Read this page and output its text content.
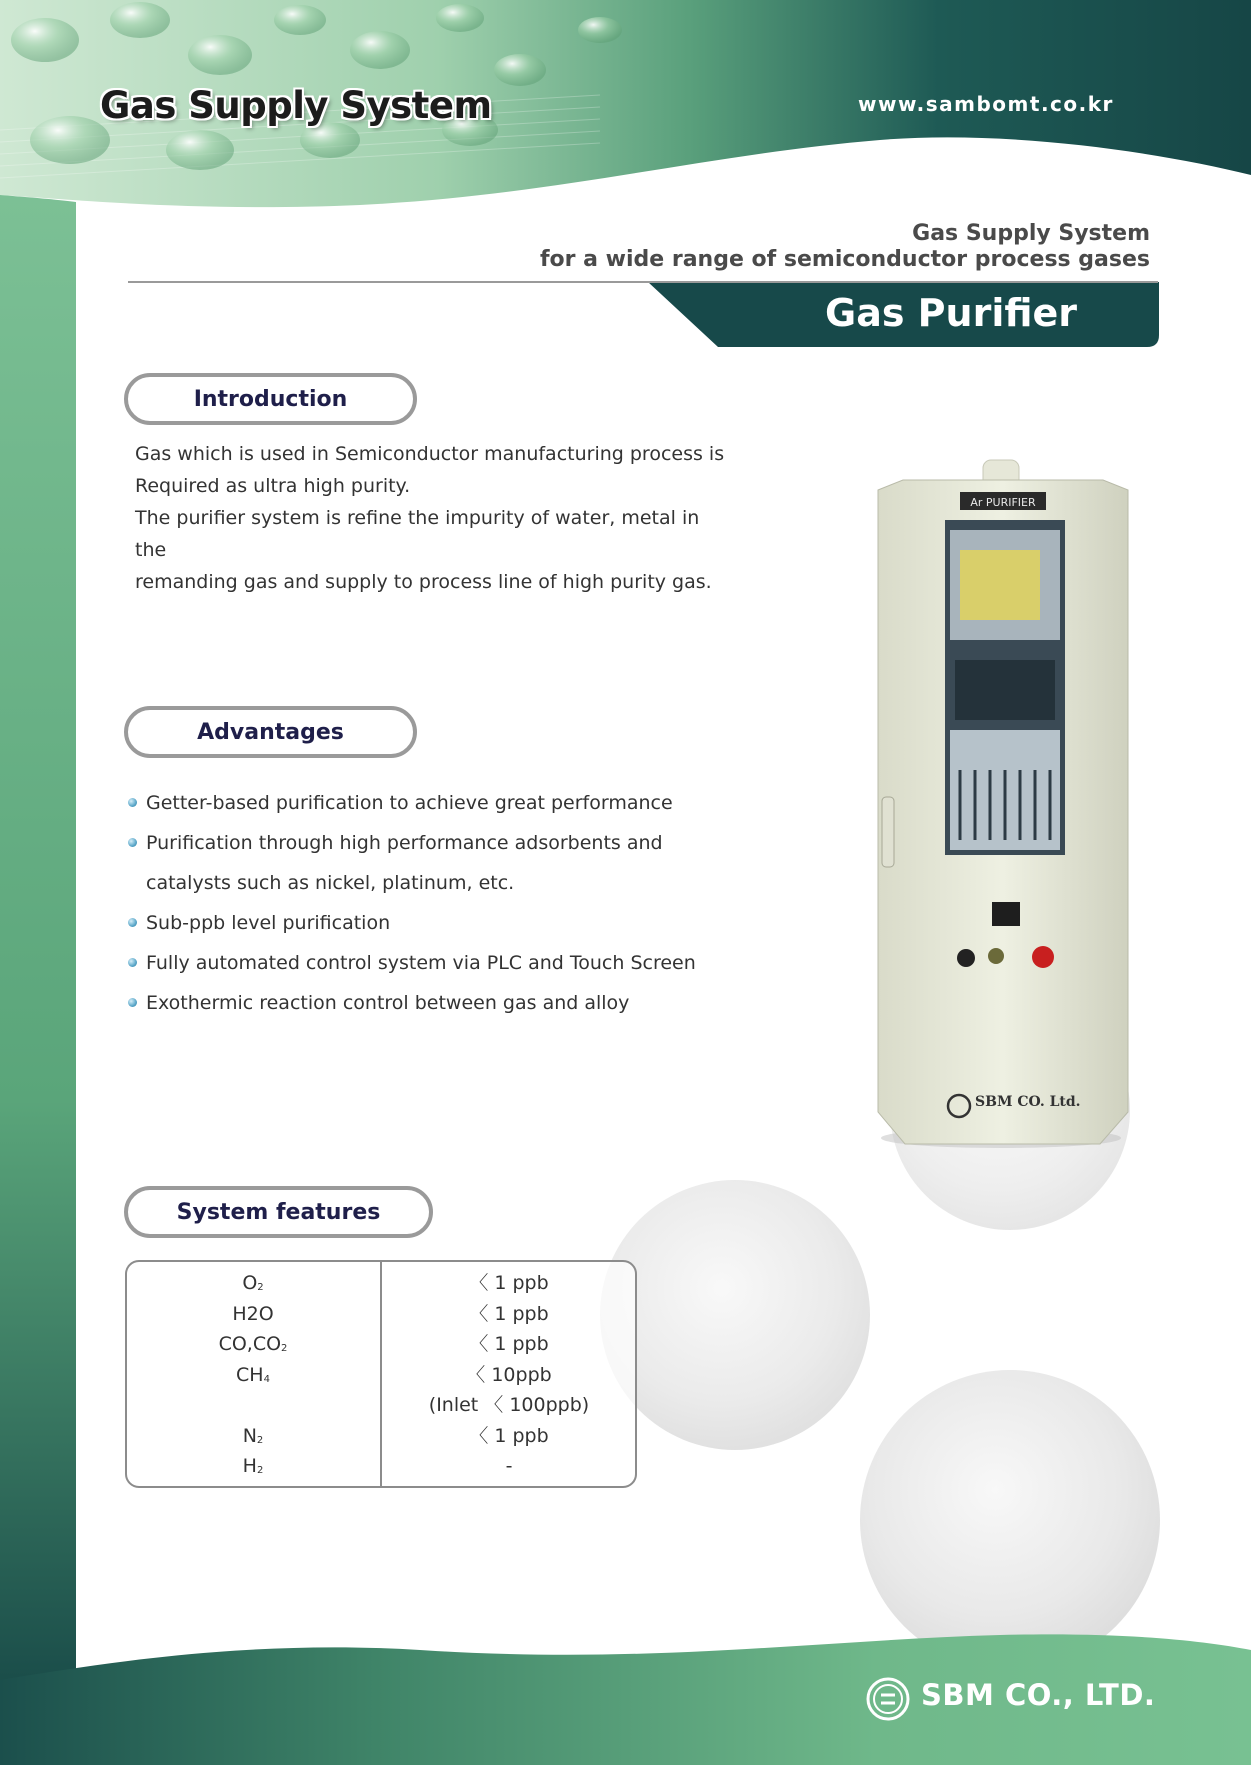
Ar PURIFIER
SBM CO. Ltd.
Gas Supply System	www.sambomt.co.kr
Gas Supply System
for a wide range of semiconductor process gases
Gas Purifier
Introduction

Gas which is used in Semiconductor manufacturing process is

Required as ultra high purity.

The purifier system is refine the impurity of water, metal in the

remanding gas and supply to process line of high purity gas.

Advantages
Getter-based purification to achieve great performance
Purification through high performance adsorbents and
catalysts such as nickel, platinum, etc.
Sub-ppb level purification
Fully automated control system via PLC and Touch Screen
Exothermic reaction control between gas and alloy
System features
$O_2$
H2O
$CO,CO_2$
$CH_4$
$N_2$
$H_2$
〈 1 ppb
〈 1 ppb
〈 1 ppb
〈 10ppb
(Inlet 〈 100ppb)
〈 1 ppb
-
SBM CO., LTD.
